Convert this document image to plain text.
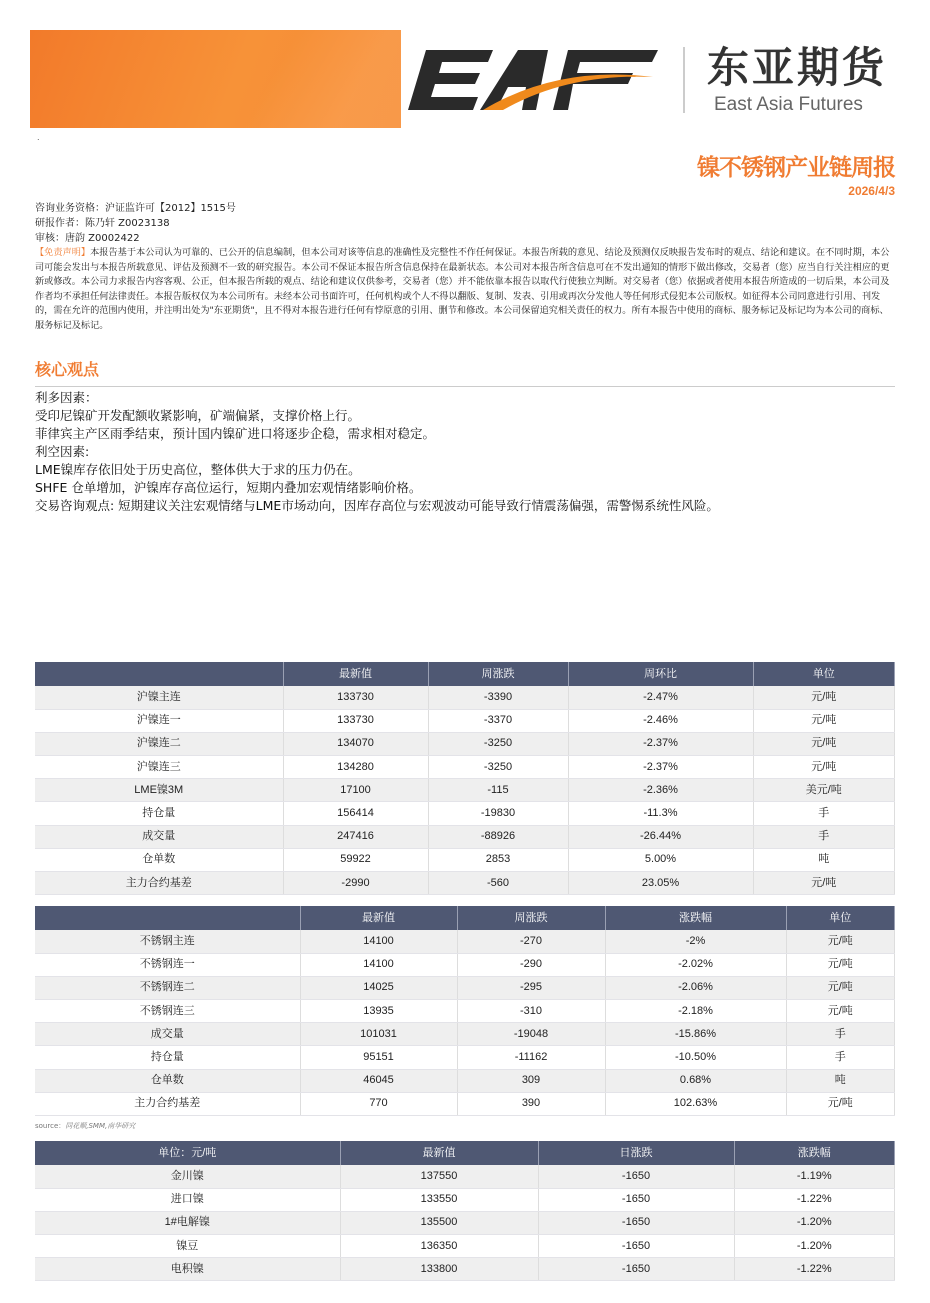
东亚期货
East Asia Futures
.
镍不锈钢产业链周报
2026/4/3
咨询业务资格：沪证监许可【2012】1515号
研报作者：陈乃轩 Z0023138
审核：唐韵 Z0002422
【免责声明】本报告基于本公司认为可靠的、已公开的信息编制，但本公司对该等信息的准确性及完整性不作任何保证。本报告所载的意见、结论及预测仅反映报告发布时的观点、结论和建议。在不同时期，本公司可能会发出与本报告所载意见、评估及预测不一致的研究报告。本公司不保证本报告所含信息保持在最新状态。本公司对本报告所含信息可在不发出通知的情形下做出修改，交易者（您）应当自行关注相应的更新或修改。本公司力求报告内容客观、公正，但本报告所载的观点、结论和建议仅供参考，交易者（您）并不能依靠本报告以取代行使独立判断。对交易者（您）依据或者使用本报告所造成的一切后果，本公司及作者均不承担任何法律责任。本报告版权仅为本公司所有。未经本公司书面许可，任何机构或个人不得以翻版、复制、发表、引用或再次分发他人等任何形式侵犯本公司版权。如征得本公司同意进行引用、刊发的，需在允许的范围内使用，并注明出处为"东亚期货"，且不得对本报告进行任何有悖原意的引用、删节和修改。本公司保留追究相关责任的权力。所有本报告中使用的商标、服务标记及标记均为本公司的商标、服务标记及标记。
核心观点
利多因素：
受印尼镍矿开发配额收紧影响，矿端偏紧，支撑价格上行。
菲律宾主产区雨季结束，预计国内镍矿进口将逐步企稳，需求相对稳定。
利空因素:
LME镍库存依旧处于历史高位，整体供大于求的压力仍在。
SHFE 仓单增加，沪镍库存高位运行，短期内叠加宏观情绪影响价格。
交易咨询观点: 短期建议关注宏观情绪与LME市场动向，因库存高位与宏观波动可能导致行情震荡偏强，需警惕系统性风险。
	最新值	周涨跌	周环比	单位
沪镍主连	133730	-3390	-2.47%	元/吨
沪镍连一	133730	-3370	-2.46%	元/吨
沪镍连二	134070	-3250	-2.37%	元/吨
沪镍连三	134280	-3250	-2.37%	元/吨
LME镍3M	17100	-115	-2.36%	美元/吨
持仓量	156414	-19830	-11.3%	手
成交量	247416	-88926	-26.44%	手
仓单数	59922	2853	5.00%	吨
主力合约基差	-2990	-560	23.05%	元/吨
	最新值	周涨跌	涨跌幅	单位
不锈钢主连	14100	-270	-2%	元/吨
不锈钢连一	14100	-290	-2.02%	元/吨
不锈钢连二	14025	-295	-2.06%	元/吨
不锈钢连三	13935	-310	-2.18%	元/吨
成交量	101031	-19048	-15.86%	手
持仓量	95151	-11162	-10.50%	手
仓单数	46045	309	0.68%	吨
主力合约基差	770	390	102.63%	元/吨
source：同花顺,SMM,南华研究
单位：元/吨	最新值	日涨跌	涨跌幅
金川镍	137550	-1650	-1.19%
进口镍	133550	-1650	-1.22%
1#电解镍	135500	-1650	-1.20%
镍豆	136350	-1650	-1.20%
电积镍	133800	-1650	-1.22%
